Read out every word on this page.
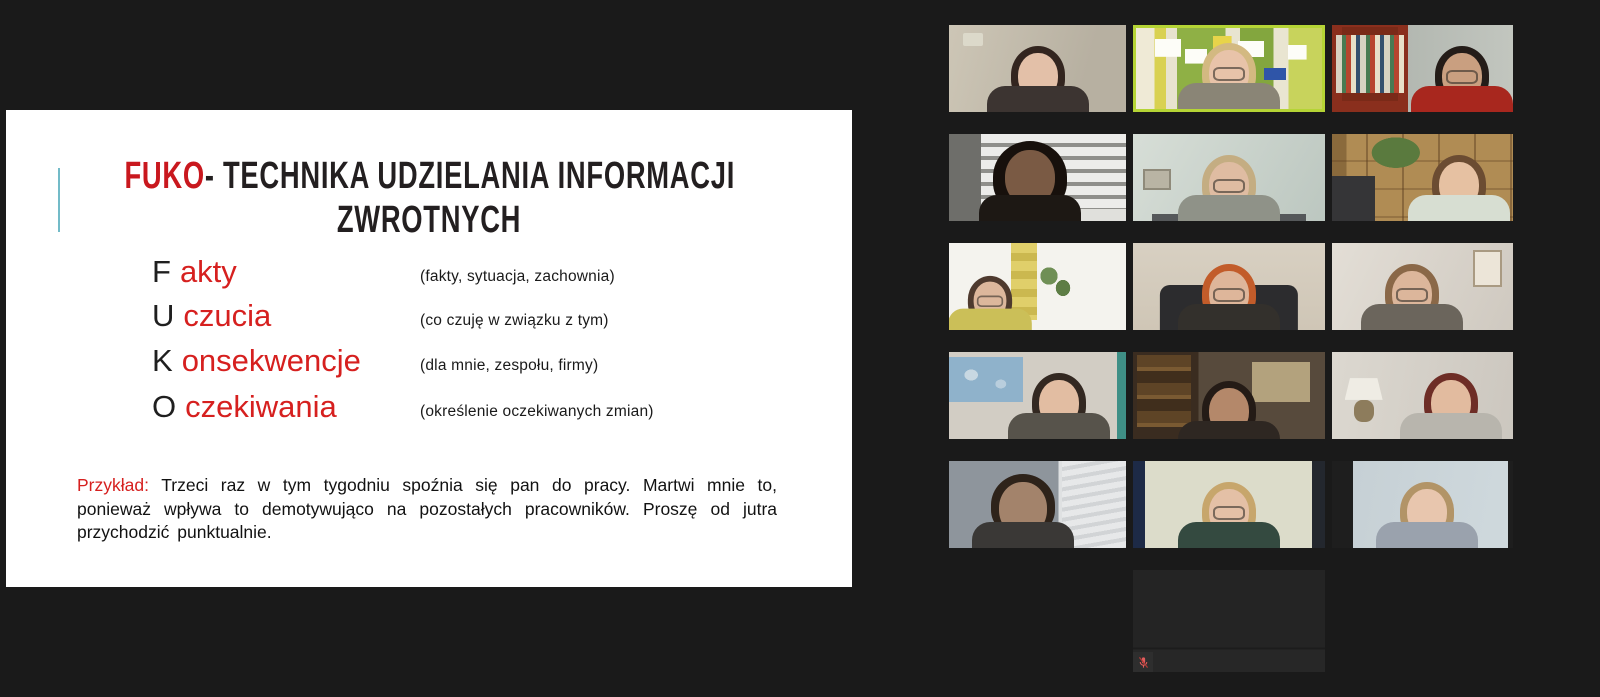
FUKO- TECHNIKA UDZIELANIA INFORMACJI
ZWROTNYCH
F akty	(fakty, sytuacja, zachownia)
U czucia	(co czuję w związku z tym)
K onsekwencje	(dla mnie, zespołu, firmy)
O czekiwania	(określenie oczekiwanych zmian)

Przykład: Trzeci raz w tym tygodniu spoźnia się pan do pracy. Martwi mnie to, ponieważ wpływa to demotywująco na pozostałych pracowników. Proszę od jutra przychodzić punktualnie.
